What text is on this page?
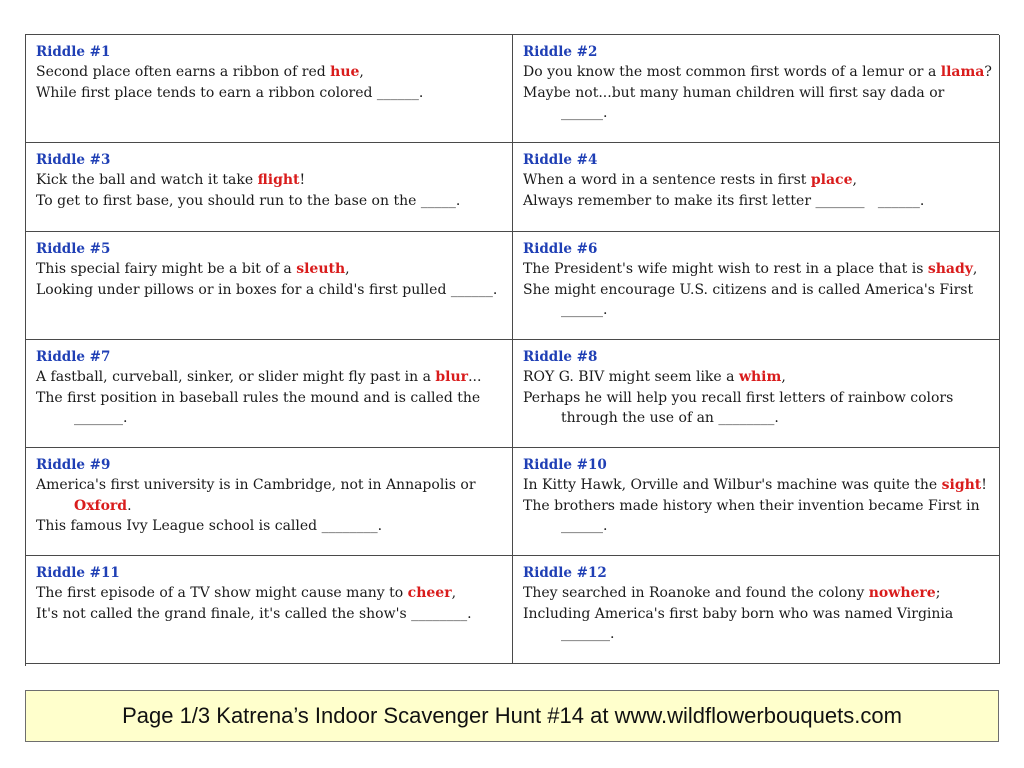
Riddle #1
Second place often earns a ribbon of red hue,
While first place tends to earn a ribbon colored ______.
Riddle #2
Do you know the most common first words of a lemur or a llama?
Maybe not...but many human children will first say dada or
______.
Riddle #3
Kick the ball and watch it take flight!
To get to first base, you should run to the base on the _____.
Riddle #4
When a word in a sentence rests in first place,
Always remember to make its first letter _______   ______.
Riddle #5
This special fairy might be a bit of a sleuth,
Looking under pillows or in boxes for a child's first pulled ______.
Riddle #6
The President's wife might wish to rest in a place that is shady,
She might encourage U.S. citizens and is called America's First
______.
Riddle #7
A fastball, curveball, sinker, or slider might fly past in a blur...
The first position in baseball rules the mound and is called the
_______.
Riddle #8
ROY G. BIV might seem like a whim,
Perhaps he will help you recall first letters of rainbow colors
through the use of an ________.
Riddle #9
America's first university is in Cambridge, not in Annapolis or
Oxford.
This famous Ivy League school is called ________.
Riddle #10
In Kitty Hawk, Orville and Wilbur's machine was quite the sight!
The brothers made history when their invention became First in
______.
Riddle #11
The first episode of a TV show might cause many to cheer,
It's not called the grand finale, it's called the show's ________.
Riddle #12
They searched in Roanoke and found the colony nowhere;
Including America's first baby born who was named Virginia
_______.
Page 1/3 Katrena’s Indoor Scavenger Hunt #14 at www.wildflowerbouquets.com
